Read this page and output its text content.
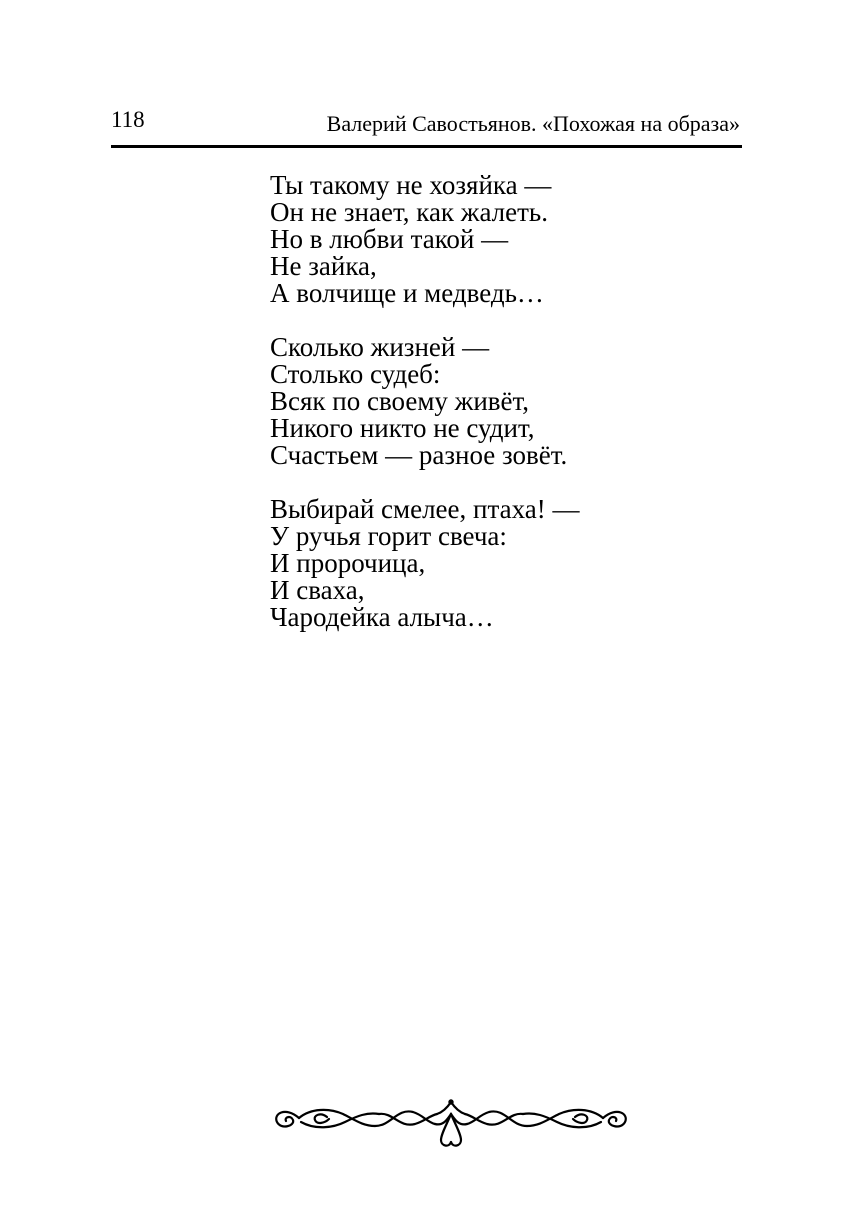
118	Валерий Савостьянов. «Похожая на образа»
Ты такому не хозяйка —
Он не знает, как жалеть.
Но в любви такой —
Не зайка,
А волчище и медведь…
Сколько жизней —
Столько судеб:
Всяк по своему живёт,
Никого никто не судит,
Счастьем — разное зовёт.
Выбирай смелее, птаха! —
У ручья горит свеча:
И пророчица,
И сваха,
Чародейка алыча…
